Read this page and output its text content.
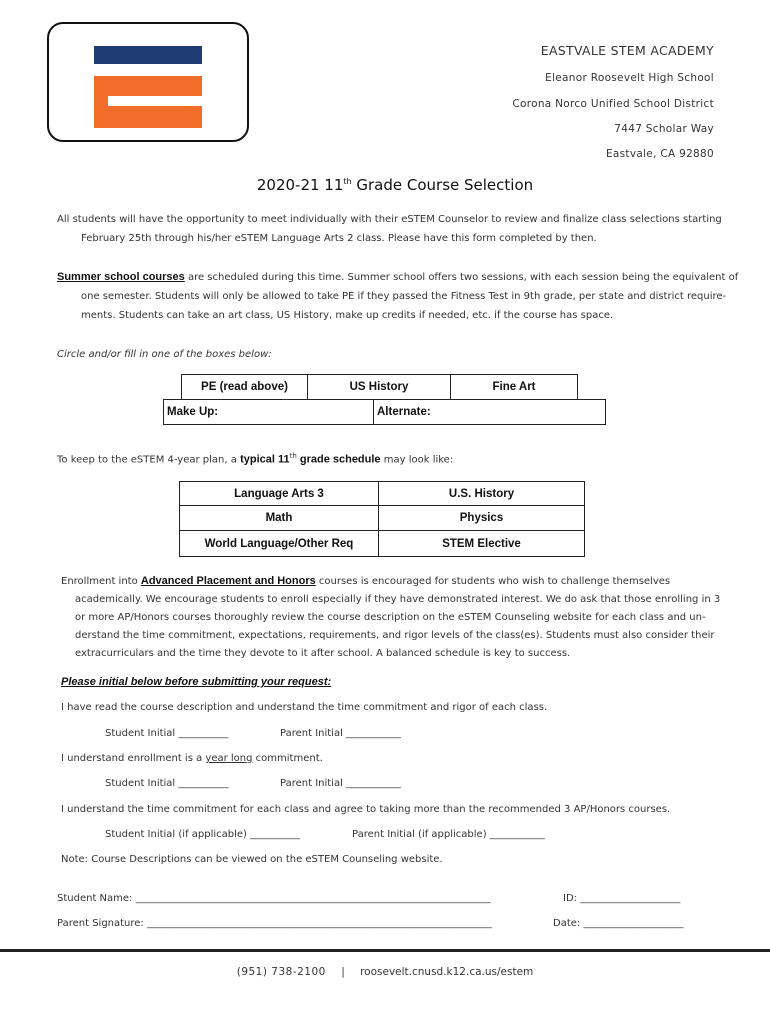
EASTVALE STEM ACADEMY
Eleanor Roosevelt High School
Corona Norco Unified School District
7447 Scholar Way
Eastvale, CA 92880
2020-21 11th Grade Course Selection
All students will have the opportunity to meet individually with their eSTEM Counselor to review and finalize class selections starting
February 25th through his/her eSTEM Language Arts 2 class. Please have this form completed by then.
Summer school courses are scheduled during this time. Summer school offers two sessions, with each session being the equivalent of
one semester. Students will only be allowed to take PE if they passed the Fitness Test in 9th grade, per state and district require-
ments. Students can take an art class, US History, make up credits if needed, etc. if the course has space.
Circle and/or fill in one of the boxes below:
PE (read above)	US History	Fine Art
Make Up:	Alternate:
To keep to the eSTEM 4-year plan, a typical 11th grade schedule may look like:
Language Arts 3	U.S. History
Math	Physics
World Language/Other Req	STEM Elective
Enrollment into Advanced Placement and Honors courses is encouraged for students who wish to challenge themselves
academically. We encourage students to enroll especially if they have demonstrated interest. We do ask that those enrolling in 3
or more AP/Honors courses thoroughly review the course description on the eSTEM Counseling website for each class and un-
derstand the time commitment, expectations, requirements, and rigor levels of the class(es). Students must also consider their
extracurriculars and the time they devote to it after school. A balanced schedule is key to success.
Please initial below before submitting your request:
I have read the course description and understand the time commitment and rigor of each class.
Student Initial __________	Parent Initial ___________
I understand enrollment is a year long commitment.
Student Initial __________	Parent Initial ___________
I understand the time commitment for each class and agree to taking more than the recommended 3 AP/Honors courses.
Student Initial (if applicable) __________	Parent Initial (if applicable) ___________
Note: Course Descriptions can be viewed on the eSTEM Counseling website.
Student Name: _______________________________________________________________________	ID: ____________________
Parent Signature: _____________________________________________________________________	Date: ____________________
(951) 738-2100 | roosevelt.cnusd.k12.ca.us/estem
